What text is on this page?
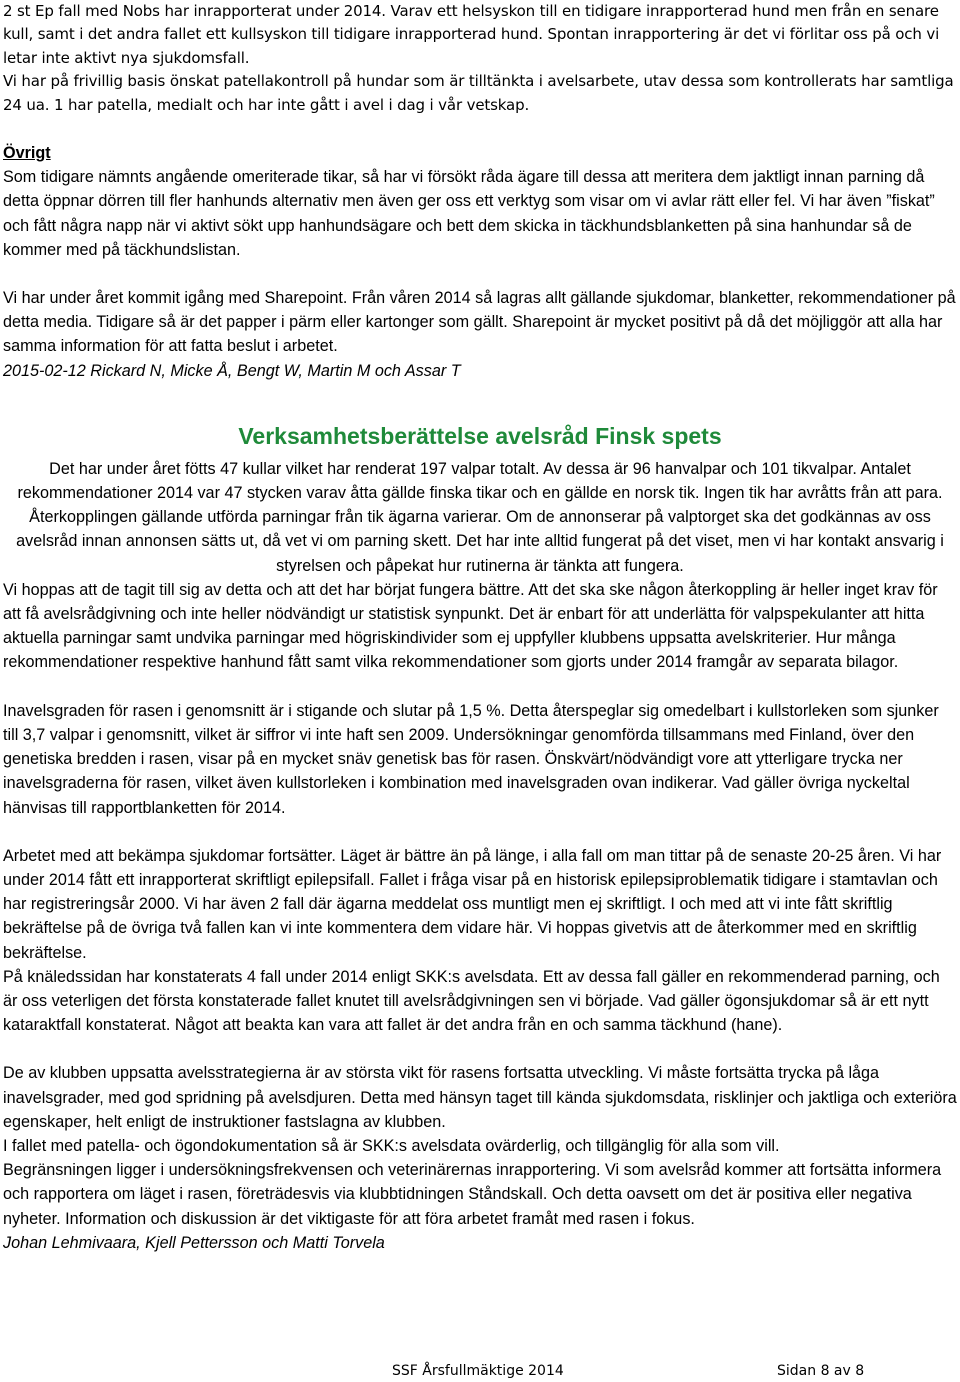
2 st Ep fall med Nobs har inrapporterat under 2014. Varav ett helsyskon till en tidigare inrapporterad hund men från en senare kull, samt i det andra fallet ett kullsyskon till tidigare inrapporterad hund. Spontan inrapportering är det vi förlitar oss på och vi letar inte aktivt nya sjukdomsfall.

Vi har på frivillig basis önskat patellakontroll på hundar som är tilltänkta i avelsarbete, utav dessa som kontrollerats har samtliga 24 ua. 1 har patella, medialt och har inte gått i avel i dag i vår vetskap.

Övrigt

Som tidigare nämnts angående omeriterade tikar, så har vi försökt råda ägare till dessa att meritera dem jaktligt innan parning då detta öppnar dörren till fler hanhunds alternativ men även ger oss ett verktyg som visar om vi avlar rätt eller fel. Vi har även ”fiskat” och fått några napp när vi aktivt sökt upp hanhundsägare och bett dem skicka in täckhundsblanketten på sina hanhundar så de kommer med på täckhundslistan.

Vi har under året kommit igång med Sharepoint. Från våren 2014 så lagras allt gällande sjukdomar, blanketter, rekommendationer på detta media. Tidigare så är det papper i pärm eller kartonger som gällt. Sharepoint är mycket positivt på då det möjliggör att alla har samma information för att fatta beslut i arbetet.

2015-02-12 Rickard N, Micke Å, Bengt W, Martin M och Assar T

Verksamhetsberättelse avelsråd Finsk spets

Det har under året fötts 47 kullar vilket har renderat 197 valpar totalt. Av dessa är 96 hanvalpar och 101 tikvalpar. Antalet rekommendationer 2014 var 47 stycken varav åtta gällde finska tikar och en gällde en norsk tik. Ingen tik har avråtts från att para. Återkopplingen gällande utförda parningar från tik ägarna varierar. Om de annonserar på valptorget ska det godkännas av oss avelsråd innan annonsen sätts ut, då vet vi om parning skett. Det har inte alltid fungerat på det viset, men vi har kontakt ansvarig i styrelsen och påpekat hur rutinerna är tänkta att fungera.

Vi hoppas att de tagit till sig av detta och att det har börjat fungera bättre. Att det ska ske någon återkoppling är heller inget krav för att få avelsrådgivning och inte heller nödvändigt ur statistisk synpunkt. Det är enbart för att underlätta för valpspekulanter att hitta aktuella parningar samt undvika parningar med högriskindivider som ej uppfyller klubbens uppsatta avelskriterier. Hur många rekommendationer respektive hanhund fått samt vilka rekommendationer som gjorts under 2014 framgår av separata bilagor.

Inavelsgraden för rasen i genomsnitt är i stigande och slutar på 1,5 %. Detta återspeglar sig omedelbart i kullstorleken som sjunker till 3,7 valpar i genomsnitt, vilket är siffror vi inte haft sen 2009. Undersökningar genomförda tillsammans med Finland, över den genetiska bredden i rasen, visar på en mycket snäv genetisk bas för rasen. Önskvärt/nödvändigt vore att ytterligare trycka ner inavelsgraderna för rasen, vilket även kullstorleken i kombination med inavelsgraden ovan indikerar. Vad gäller övriga nyckeltal hänvisas till rapportblanketten för 2014.

Arbetet med att bekämpa sjukdomar fortsätter. Läget är bättre än på länge, i alla fall om man tittar på de senaste 20-25 åren. Vi har under 2014 fått ett inrapporterat skriftligt epilepsifall. Fallet i fråga visar på en historisk epilepsiproblematik tidigare i stamtavlan och har registreringsår 2000. Vi har även 2 fall där ägarna meddelat oss muntligt men ej skriftligt. I och med att vi inte fått skriftlig bekräftelse på de övriga två fallen kan vi inte kommentera dem vidare här. Vi hoppas givetvis att de återkommer med en skriftlig bekräftelse.

På knäledssidan har konstaterats 4 fall under 2014 enligt SKK:s avelsdata. Ett av dessa fall gäller en rekommenderad parning, och är oss veterligen det första konstaterade fallet knutet till avelsrådgivningen sen vi började. Vad gäller ögonsjukdomar så är ett nytt kataraktfall konstaterat. Något att beakta kan vara att fallet är det andra från en och samma täckhund (hane).

De av klubben uppsatta avelsstrategierna är av största vikt för rasens fortsatta utveckling. Vi måste fortsätta trycka på låga inavelsgrader, med god spridning på avelsdjuren. Detta med hänsyn taget till kända sjukdomsdata, risklinjer och jaktliga och exteriöra egenskaper, helt enligt de instruktioner fastslagna av klubben.

I fallet med patella- och ögondokumentation så är SKK:s avelsdata ovärderlig, och tillgänglig för alla som vill.

Begränsningen ligger i undersökningsfrekvensen och veterinärernas inrapportering. Vi som avelsråd kommer att fortsätta informera och rapportera om läget i rasen, företrädesvis via klubbtidningen Ståndskall. Och detta oavsett om det är positiva eller negativa nyheter. Information och diskussion är det viktigaste för att föra arbetet framåt med rasen i fokus.

Johan Lehmivaara, Kjell Pettersson och Matti Torvela

SSF Årsfullmäktige 2014	Sidan 8 av 8
